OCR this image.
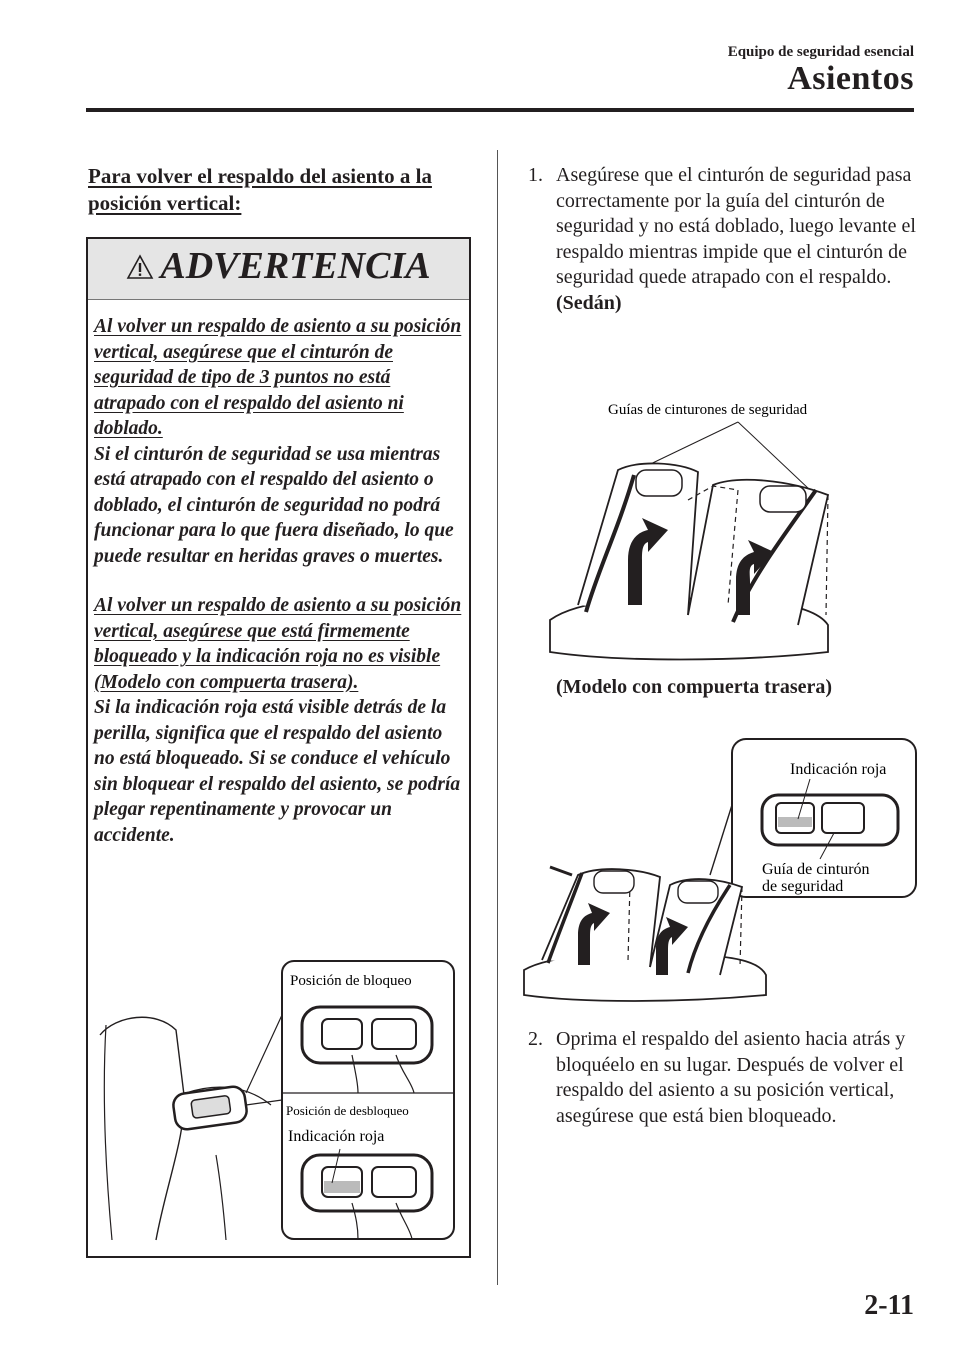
Equipo de seguridad esencial
Asientos
Para volver el respaldo del asiento a la posición vertical:
ADVERTENCIA

Al volver un respaldo de asiento a su posición vertical, asegúrese que el cinturón de seguridad de tipo de 3 puntos no está atrapado con el respaldo del asiento ni doblado.

Si el cinturón de seguridad se usa mientras está atrapado con el respaldo del asiento o doblado, el cinturón de seguridad no podrá funcionar para lo que fuera diseñado, lo que puede resultar en heridas graves o muertes.

Al volver un respaldo de asiento a su posición vertical, asegúrese que está firmemente bloqueado y la indicación roja no es visible (Modelo con compuerta trasera).

Si la indicación roja está visible detrás de la perilla, significa que el respaldo del asiento no está bloqueado. Si se conduce el vehículo sin bloquear el respaldo del asiento, se podría plegar repentinamente y provocar un accidente.

Posición de bloqueo
Posición de desbloqueo
Indicación roja
1. Asegúrese que el cinturón de seguridad pasa correctamente por la guía del cinturón de seguridad y no está doblado, luego levante el respaldo mientras impide que el cinturón de seguridad quede atrapado con el respaldo.
(Sedán)
Guías de cinturones de seguridad
(Modelo con compuerta trasera)
Indicación roja
Guía de cinturón
de seguridad
2. Oprima el respaldo del asiento hacia atrás y bloquéelo en su lugar. Después de volver el respaldo del asiento a su posición vertical, asegúrese que está bien bloqueado.
2-11
